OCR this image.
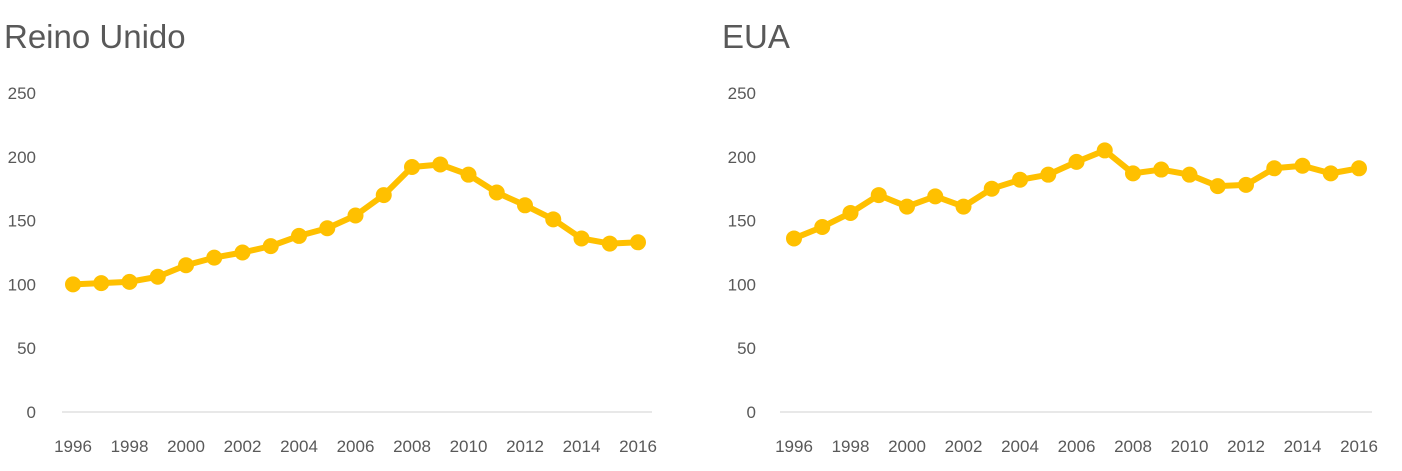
Reino Unido
0
50
100
150
200
250
1996 1998 2000 2002 2004 2006 2008 2010 2012 2014 2016
EUA
0
50
100
150
200
250
1996 1998 2000 2002 2004 2006 2008 2010 2012 2014 2016
